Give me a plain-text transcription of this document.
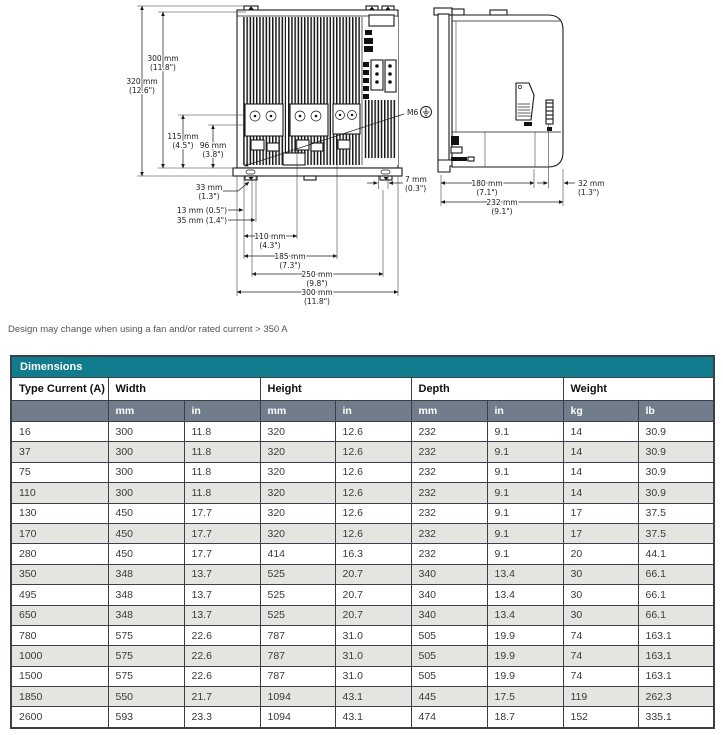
300 mm
(11.8")
320 mm
(12.6")
115 mm
(4.5") 96 mm
(3.8")
33 mm
(1.3")
13 mm (0.5")
35 mm (1.4")
110 mm
(4.3")
185 mm
(7.3")
250 mm
(9.8")
300 mm
(11.8")
7 mm
(0.3")
M6
180 mm
(7.1")
32 mm
(1.3")
232 mm
(9.1")
Design may change when using a fan and/or rated current > 350 A
Dimensions								
Type Current (A)	Width		Height		Depth		Weight	
	mm	in	mm	in	mm	in	kg	lb
16	300	11.8	320	12.6	232	9.1	14	30.9
37	300	11.8	320	12.6	232	9.1	14	30.9
75	300	11.8	320	12.6	232	9.1	14	30.9
110	300	11.8	320	12.6	232	9.1	14	30.9
130	450	17.7	320	12.6	232	9.1	17	37.5
170	450	17.7	320	12.6	232	9.1	17	37.5
280	450	17.7	414	16.3	232	9.1	20	44.1
350	348	13.7	525	20.7	340	13.4	30	66.1
495	348	13.7	525	20.7	340	13.4	30	66.1
650	348	13.7	525	20.7	340	13.4	30	66.1
780	575	22.6	787	31.0	505	19.9	74	163.1
1000	575	22.6	787	31.0	505	19.9	74	163.1
1500	575	22.6	787	31.0	505	19.9	74	163.1
1850	550	21.7	1094	43.1	445	17.5	119	262.3
2600	593	23.3	1094	43.1	474	18.7	152	335.1
